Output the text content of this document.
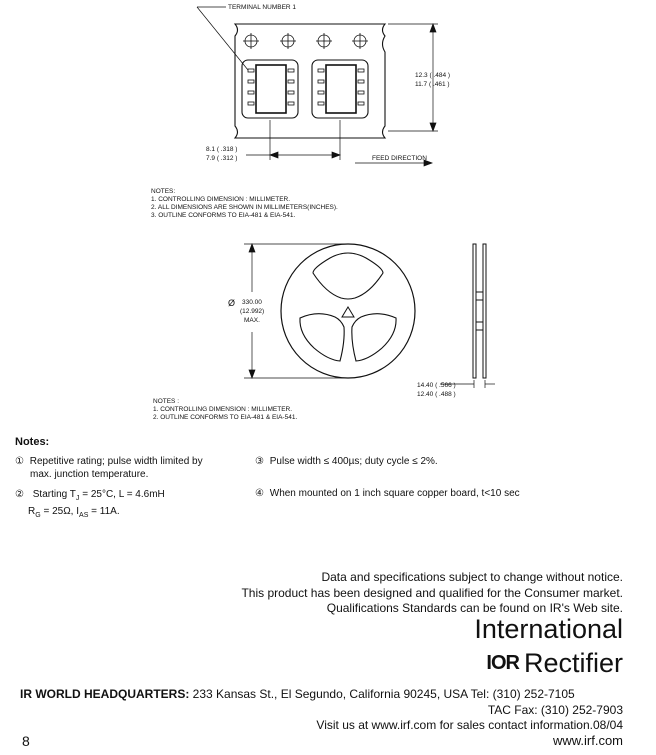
TERMINAL NUMBER 1
12.3 ( .484 )
11.7 ( .461 )
8.1 ( .318 )
7.9 ( .312 )	FEED DIRECTION
NOTES:
1. CONTROLLING DIMENSION : MILLIMETER.
2. ALL DIMENSIONS ARE SHOWN IN MILLIMETERS(INCHES).
3. OUTLINE CONFORMS TO EIA-481 & EIA-541.
Ø 330.00
(12.992)
MAX.
14.40 ( .566 )
12.40 ( .488 )
NOTES :
1. CONTROLLING DIMENSION : MILLIMETER.
2. OUTLINE CONFORMS TO EIA-481 & EIA-541.
Notes:
① Repetitive rating; pulse width limited by
max. junction temperature.
② Starting $T_J = 25^\circ C$, L = 4.6mH
$R_G = 25\Omega$, $I_{AS} = 11A$.
③ Pulse width ≤ 400µs; duty cycle ≤ 2%.
④ When mounted on 1 inch square copper board, t<10 sec
Data and specifications subject to change without notice.
This product has been designed and qualified for the Consumer market.
Qualifications Standards can be found on IR's Web site.
International
IOR Rectifier
IR WORLD HEADQUARTERS: 233 Kansas St., El Segundo, California 90245, USA Tel: (310) 252-7105
TAC Fax: (310) 252-7903
Visit us at www.irf.com for sales contact information.08/04
8	www.irf.com
